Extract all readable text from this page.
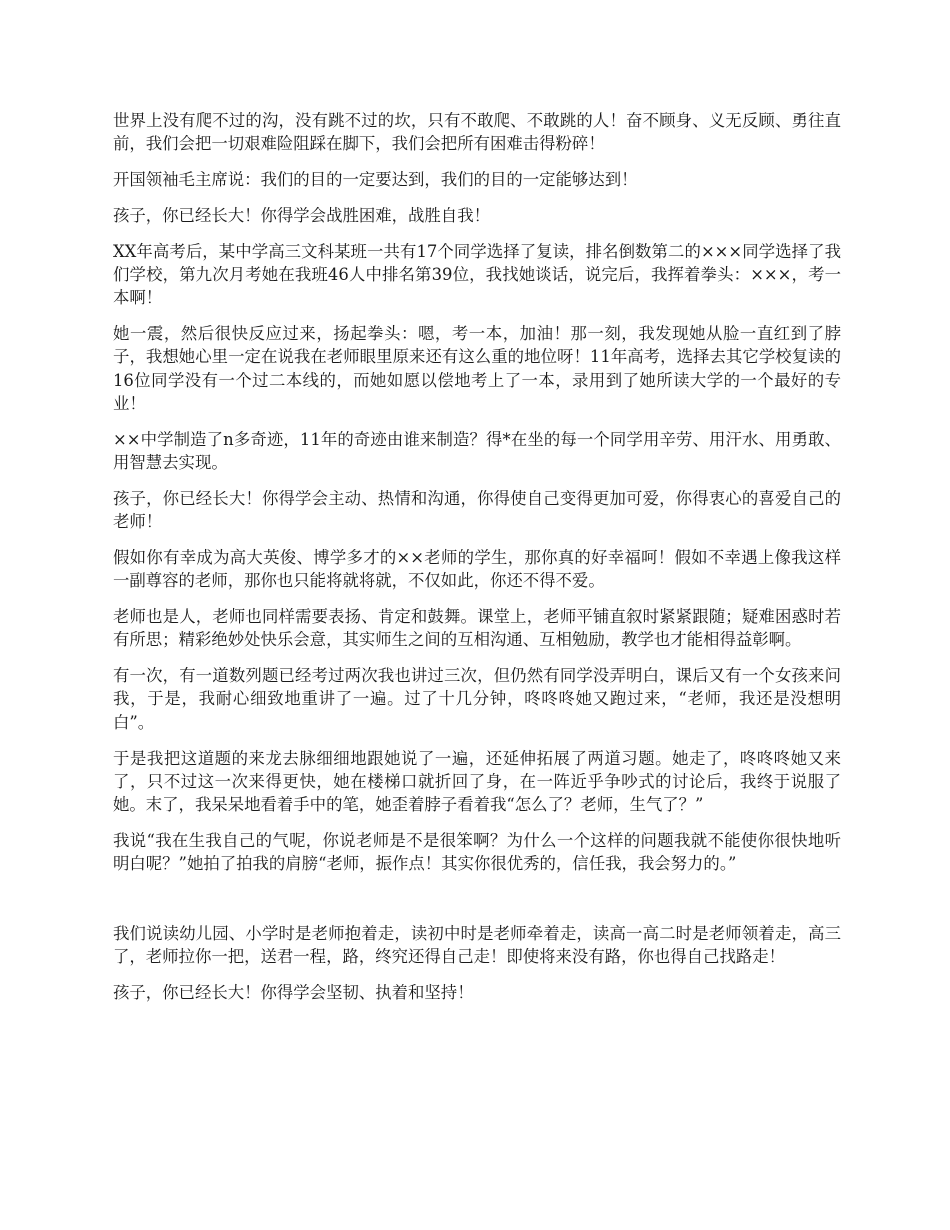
世界上没有爬不过的沟，没有跳不过的坎，只有不敢爬、不敢跳的人！奋不顾身、义无反顾、勇往直前，我们会把一切艰难险阻踩在脚下，我们会把所有困难击得粉碎！

开国领袖毛主席说：我们的目的一定要达到，我们的目的一定能够达到！

孩子，你已经长大！你得学会战胜困难，战胜自我！

XX年高考后，某中学高三文科某班一共有17个同学选择了复读，排名倒数第二的×××同学选择了我们学校，第九次月考她在我班46人中排名第39位，我找她谈话，说完后，我挥着拳头：×××，考一本啊！

她一震，然后很快反应过来，扬起拳头：嗯，考一本，加油！那一刻，我发现她从脸一直红到了脖子，我想她心里一定在说我在老师眼里原来还有这么重的地位呀！11年高考，选择去其它学校复读的16位同学没有一个过二本线的，而她如愿以偿地考上了一本，录用到了她所读大学的一个最好的专业！

××中学制造了n多奇迹，11年的奇迹由谁来制造？得*在坐的每一个同学用辛劳、用汗水、用勇敢、用智慧去实现。

孩子，你已经长大！你得学会主动、热情和沟通，你得使自己变得更加可爱，你得衷心的喜爱自己的老师！

假如你有幸成为高大英俊、博学多才的××老师的学生，那你真的好幸福呵！假如不幸遇上像我这样一副尊容的老师，那你也只能将就将就，不仅如此，你还不得不爱。

老师也是人，老师也同样需要表扬、肯定和鼓舞。课堂上，老师平铺直叙时紧紧跟随；疑难困惑时若有所思；精彩绝妙处快乐会意，其实师生之间的互相沟通、互相勉励，教学也才能相得益彰啊。

有一次，有一道数列题已经考过两次我也讲过三次，但仍然有同学没弄明白，课后又有一个女孩来问我，于是，我耐心细致地重讲了一遍。过了十几分钟，咚咚咚她又跑过来，“老师，我还是没想明白”。

于是我把这道题的来龙去脉细细地跟她说了一遍，还延伸拓展了两道习题。她走了，咚咚咚她又来了，只不过这一次来得更快，她在楼梯口就折回了身，在一阵近乎争吵式的讨论后，我终于说服了她。末了，我呆呆地看着手中的笔，她歪着脖子看着我“怎么了？老师，生气了？”

我说“我在生我自己的气呢，你说老师是不是很笨啊？为什么一个这样的问题我就不能使你很快地听明白呢？”她拍了拍我的肩膀“老师，振作点！其实你很优秀的，信任我，我会努力的。”

我们说读幼儿园、小学时是老师抱着走，读初中时是老师牵着走，读高一高二时是老师领着走，高三了，老师拉你一把，送君一程，路，终究还得自己走！即使将来没有路，你也得自己找路走！

孩子，你已经长大！你得学会坚韧、执着和坚持！
